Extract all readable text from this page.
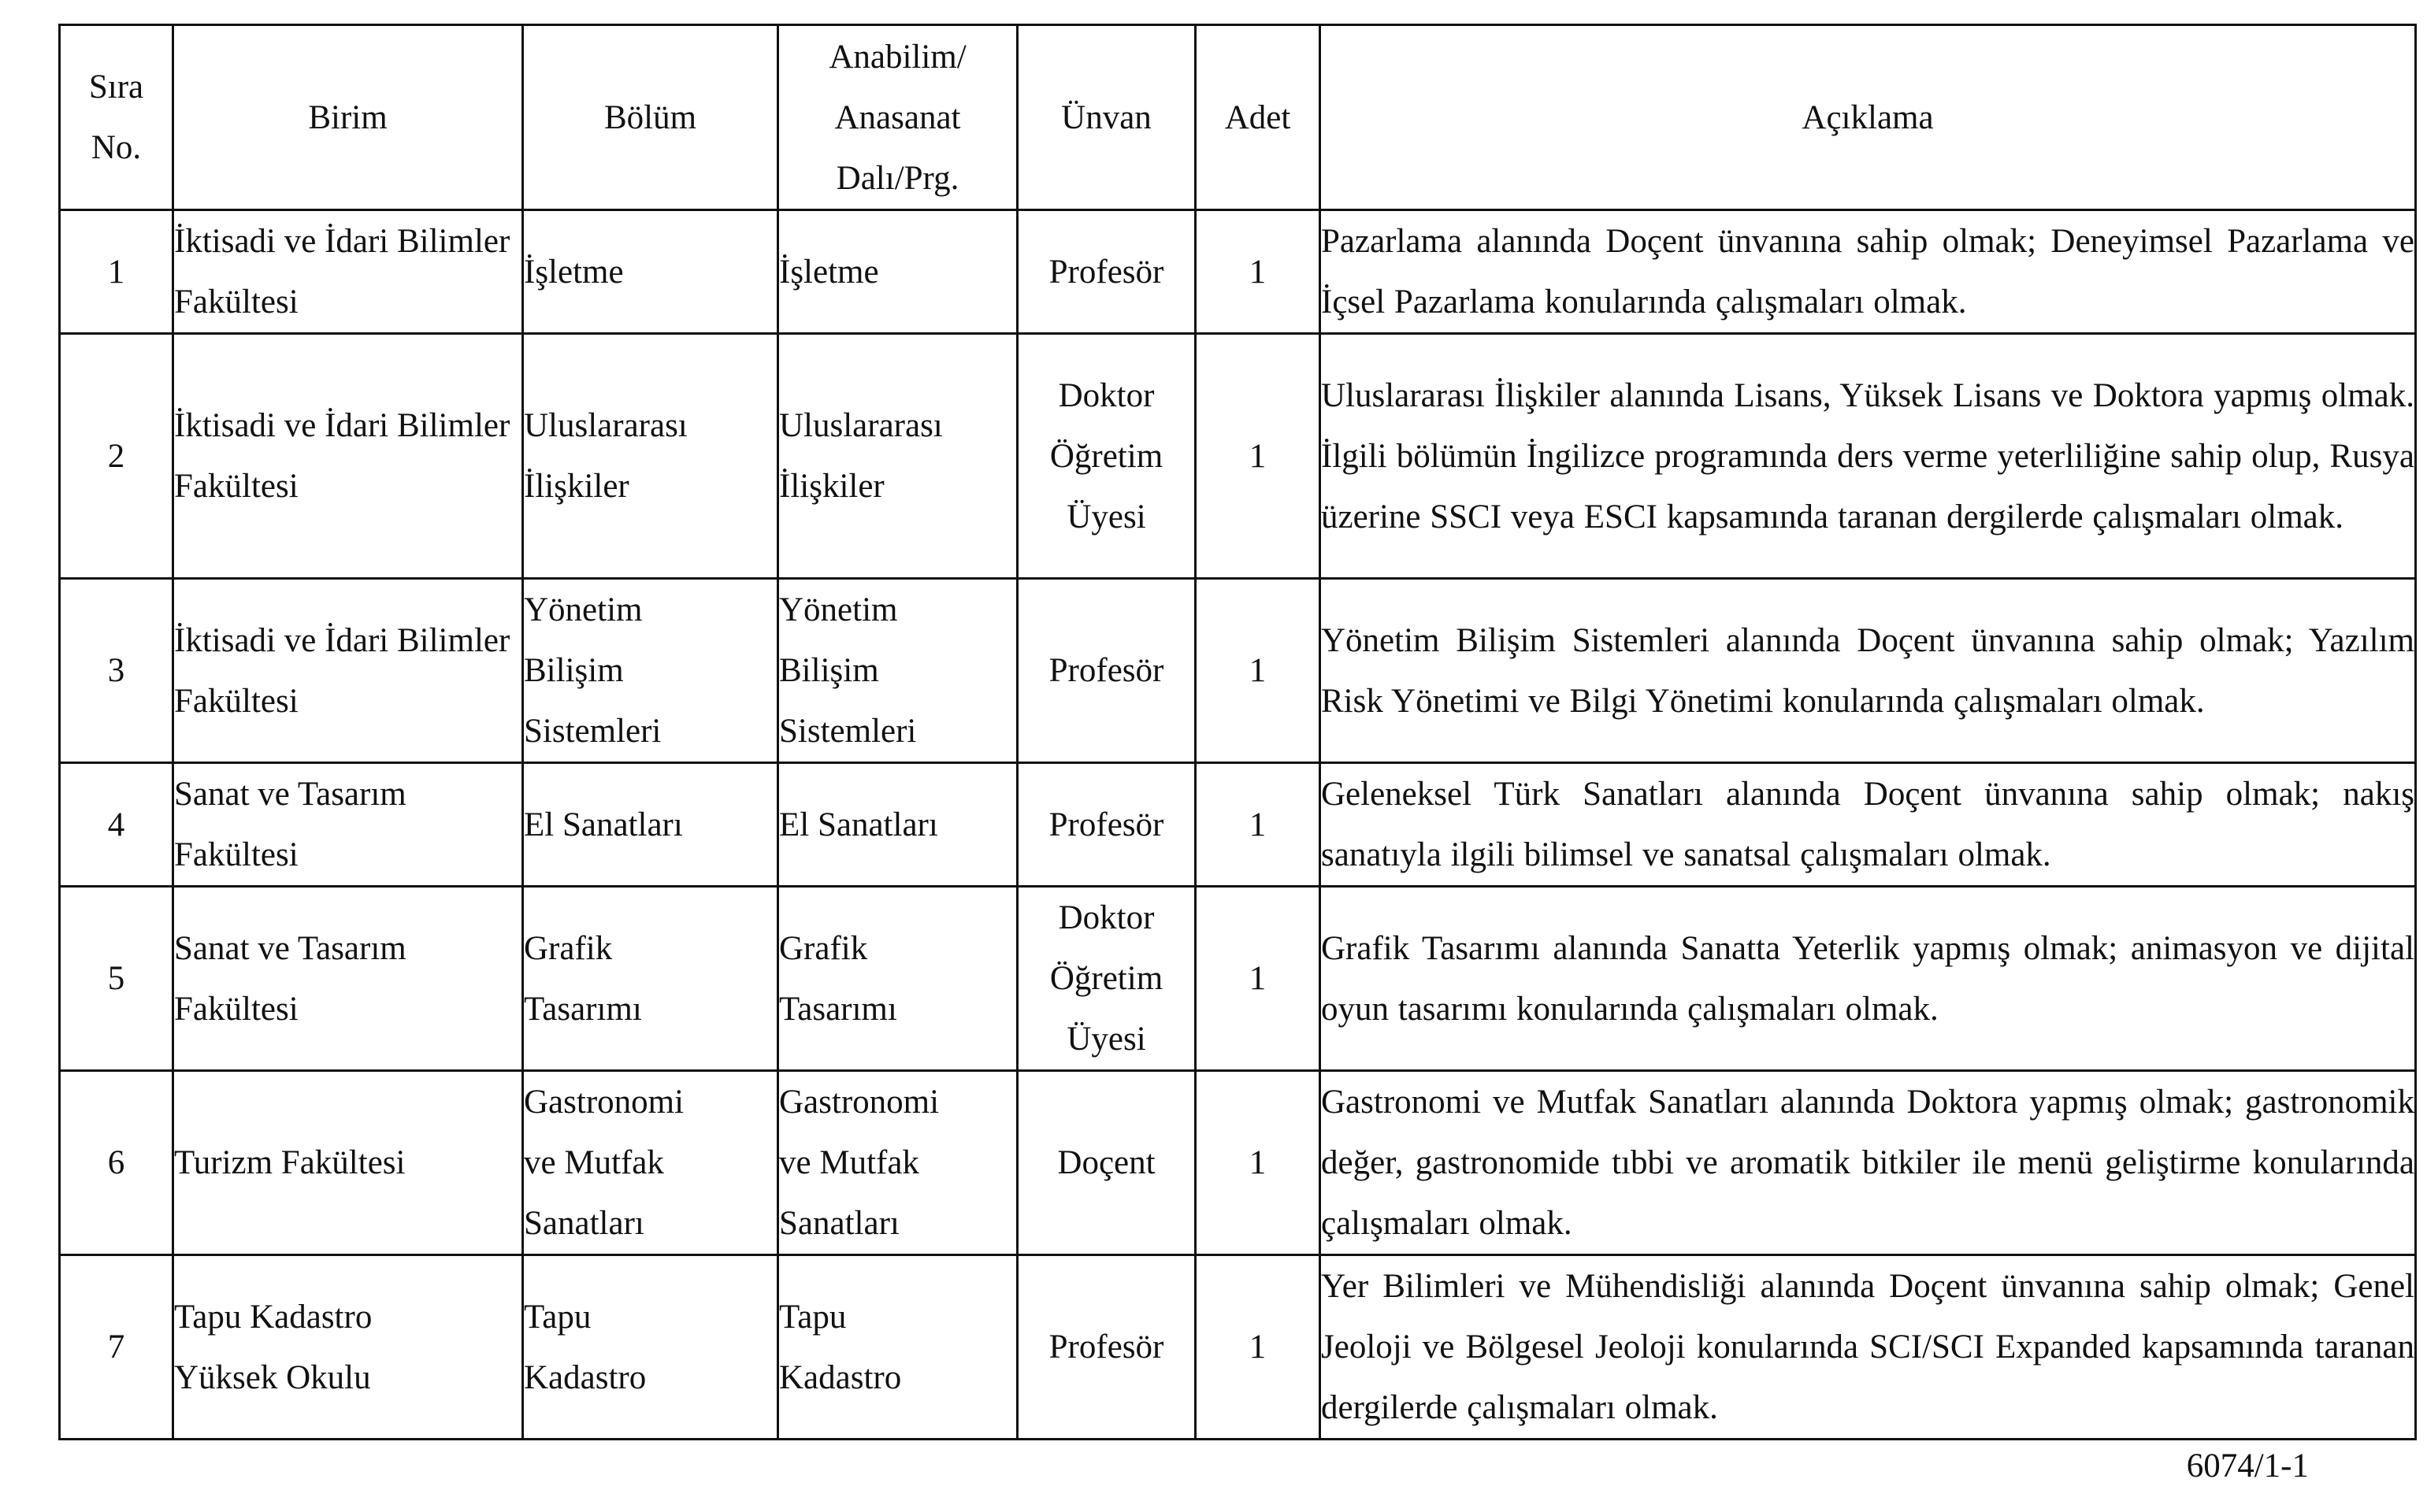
Sıra No.	Birim	Bölüm	Anabilim/ Anasanat Dalı/Prg.	Ünvan	Adet	Açıklama
1	İktisadi ve İdari Bilimler Fakültesi	İşletme	İşletme	Profesör	1	Pazarlama alanında Doçent ünvanına sahip olmak; Deneyimsel Pazarlama ve İçsel Pazarlama konularında çalışmaları olmak.
2	İktisadi ve İdari Bilimler Fakültesi	Uluslararası İlişkiler	Uluslararası İlişkiler	Doktor Öğretim Üyesi	1	Uluslararası İlişkiler alanında Lisans, Yüksek Lisans ve Doktora yapmış olmak. İlgili bölümün İngilizce programında ders verme yeterliliğine sahip olup, Rusya üzerine SSCI veya ESCI kapsamında taranan dergilerde çalışmaları olmak.
3	İktisadi ve İdari Bilimler Fakültesi	Yönetim Bilişim Sistemleri	Yönetim Bilişim Sistemleri	Profesör	1	Yönetim Bilişim Sistemleri alanında Doçent ünvanına sahip olmak; Yazılım Risk Yönetimi ve Bilgi Yönetimi konularında çalışmaları olmak.
4	Sanat ve Tasarım Fakültesi	El Sanatları	El Sanatları	Profesör	1	Geleneksel Türk Sanatları alanında Doçent ünvanına sahip olmak; nakış sanatıyla ilgili bilimsel ve sanatsal çalışmaları olmak.
5	Sanat ve Tasarım Fakültesi	Grafik Tasarımı	Grafik Tasarımı	Doktor Öğretim Üyesi	1	Grafik Tasarımı alanında Sanatta Yeterlik yapmış olmak; animasyon ve dijital oyun tasarımı konularında çalışmaları olmak.
6	Turizm Fakültesi	Gastronomi ve Mutfak Sanatları	Gastronomi ve Mutfak Sanatları	Doçent	1	Gastronomi ve Mutfak Sanatları alanında Doktora yapmış olmak; gastronomik değer, gastronomide tıbbi ve aromatik bitkiler ile menü geliştirme konularında çalışmaları olmak.
7	Tapu Kadastro Yüksek Okulu	Tapu Kadastro	Tapu Kadastro	Profesör	1	Yer Bilimleri ve Mühendisliği alanında Doçent ünvanına sahip olmak; Genel Jeoloji ve Bölgesel Jeoloji konularında SCI/SCI Expanded kapsamında taranan dergilerde çalışmaları olmak.
6074/1-1
